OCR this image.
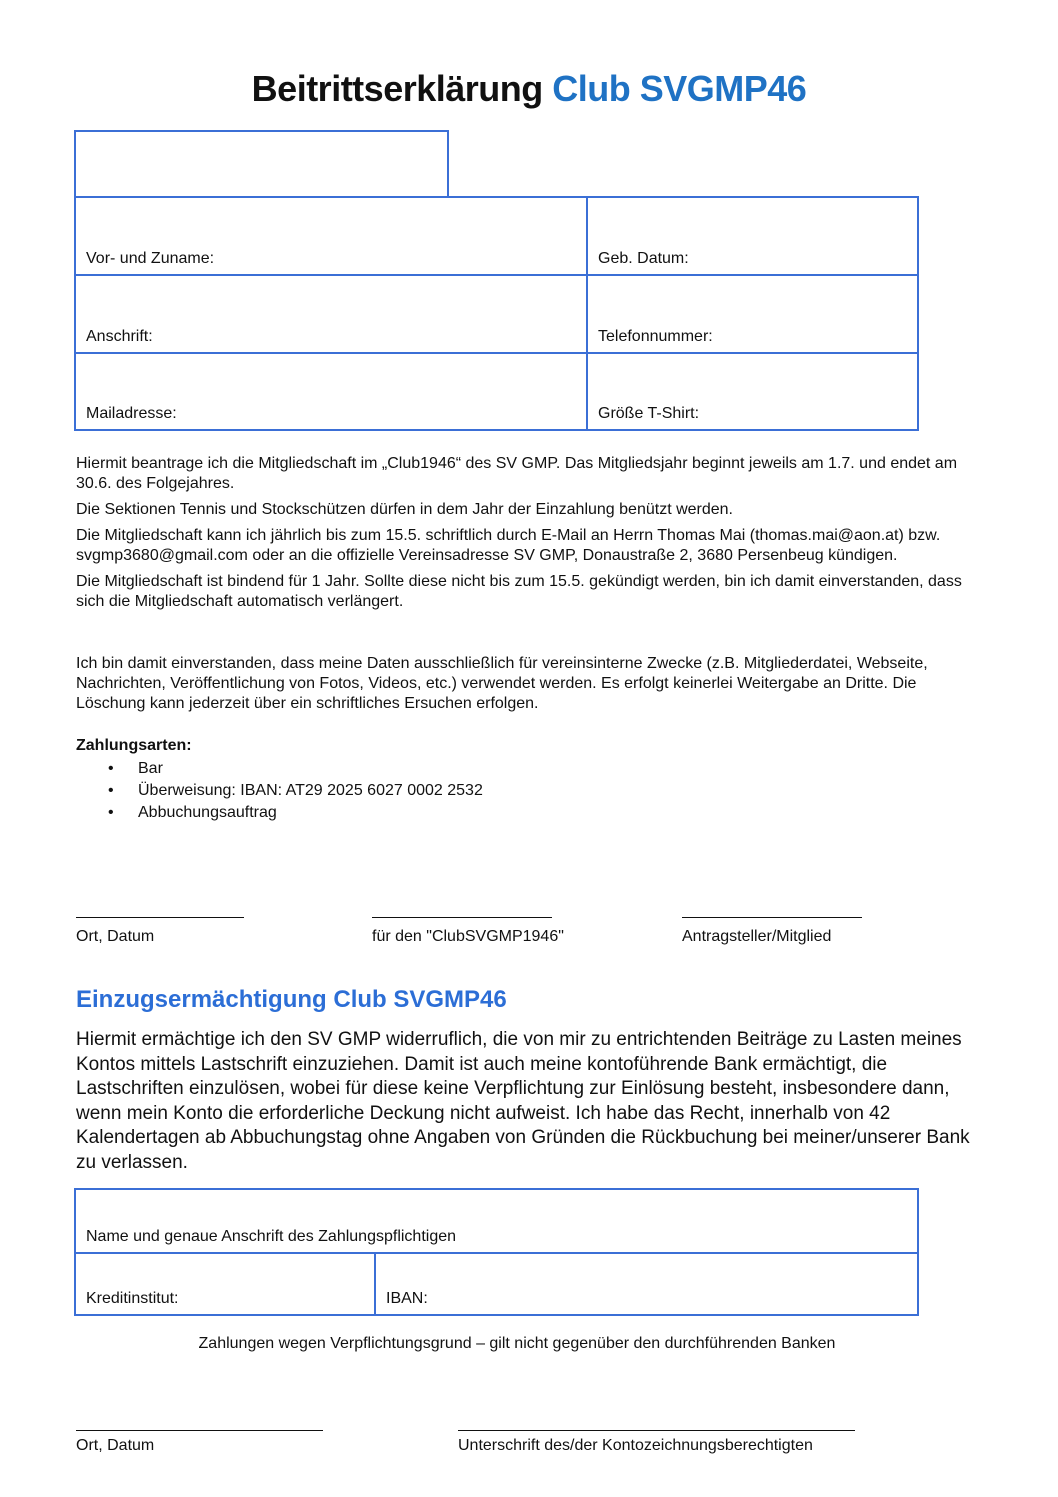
Beitrittserklärung Club SVGMP46
Vor- und Zuname:	Geb. Datum:
Anschrift:	Telefonnummer:
Mailadresse:	Größe T-Shirt:

Hiermit beantrage ich die Mitgliedschaft im „Club1946“ des SV GMP. Das Mitgliedsjahr beginnt jeweils am 1.7. und endet am 30.6. des Folgejahres.

Die Sektionen Tennis und Stockschützen dürfen in dem Jahr der Einzahlung benützt werden.

Die Mitgliedschaft kann ich jährlich bis zum 15.5. schriftlich durch E-Mail an Herrn Thomas Mai (thomas.mai@aon.at) bzw. svgmp3680@gmail.com oder an die offizielle Vereinsadresse SV GMP, Donaustraße 2, 3680 Persenbeug kündigen.

Die Mitgliedschaft ist bindend für 1 Jahr. Sollte diese nicht bis zum 15.5. gekündigt werden, bin ich damit einverstanden, dass sich die Mitgliedschaft automatisch verlängert.

Ich bin damit einverstanden, dass meine Daten ausschließlich für vereinsinterne Zwecke (z.B. Mitgliederdatei, Webseite, Nachrichten, Veröffentlichung von Fotos, Videos, etc.) verwendet werden. Es erfolgt keinerlei Weitergabe an Dritte. Die Löschung kann jederzeit über ein schriftliches Ersuchen erfolgen.

Zahlungsarten:
• Bar
• Überweisung: IBAN: AT29 2025 6027 0002 2532
• Abbuchungsauftrag
Ort, Datum	für den "ClubSVGMP1946"	Antragsteller/Mitglied
Einzugsermächtigung Club SVGMP46
Hiermit ermächtige ich den SV GMP widerruflich, die von mir zu entrichtenden Beiträge zu Lasten meines Kontos mittels Lastschrift einzuziehen. Damit ist auch meine kontoführende Bank ermächtigt, die Lastschriften einzulösen, wobei für diese keine Verpflichtung zur Einlösung besteht, insbesondere dann, wenn mein Konto die erforderliche Deckung nicht aufweist. Ich habe das Recht, innerhalb von 42 Kalendertagen ab Abbuchungstag ohne Angaben von Gründen die Rückbuchung bei meiner/unserer Bank zu verlassen.
Name und genaue Anschrift des Zahlungspflichtigen
Kreditinstitut:	IBAN:
Zahlungen wegen Verpflichtungsgrund – gilt nicht gegenüber den durchführenden Banken
Ort, Datum	Unterschrift des/der Kontozeichnungsberechtigten
